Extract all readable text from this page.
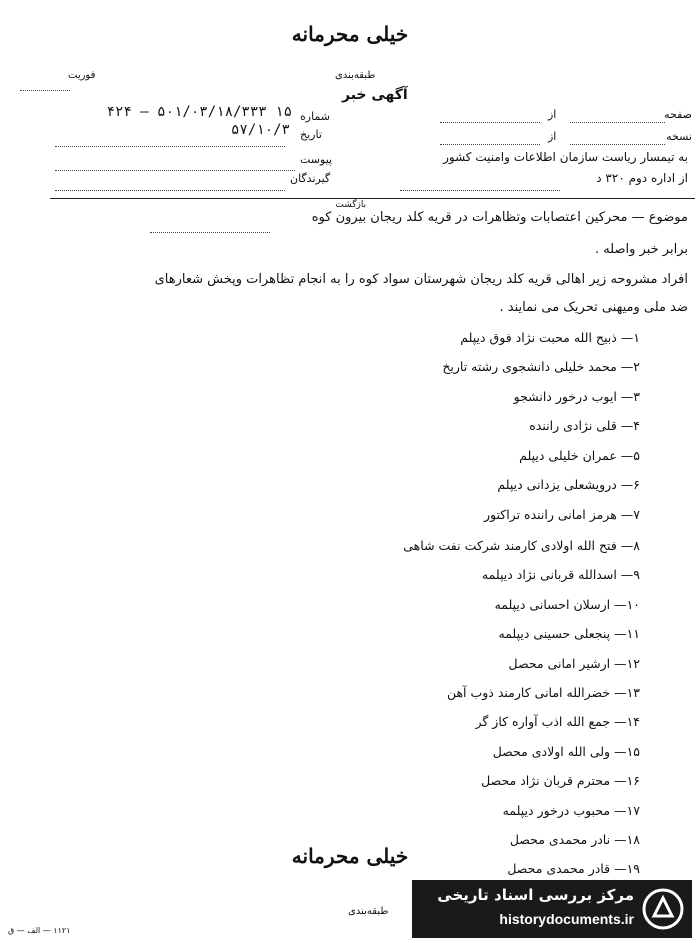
خیلی محرمانه
فوریت	طبقه‌بندی
آگهی خبر
صفحه
از
نسخه
از
شماره
۴۲۴ — ۵۰۱/۰۳/۱۸/۳۳۳ ۱۵
تاریخ
۵۷/۱۰/۳
پیوست
گیرندگان
به تیمسار ریاست سازمان اطلاعات وامنیت کشور
از اداره دوم ۳۲۰ د
موضوع — محرکین اعتصابات وتظاهرات در قریه کلد ریجان
بازگشت
بیرون کوه
برابر خبر واصله .
افراد مشروحه زیر اهالی قریه کلد ریجان شهرستان سواد کوه را به انجام تظاهرات وپخش شعارهای
ضد ملی ومیهنی تحریک می نمایند .
۱— ذبیح الله محبت نژاد فوق دیپلم
۲— محمد خلیلی دانشجوی رشته تاریخ
۳— ایوب درخور دانشجو
۴— قلی نژادی راننده
۵— عمران خلیلی دیپلم
۶— درویشعلی یزدانی دیپلم
۷— هرمز امانی راننده تراکتور
۸— فتح الله اولادی کارمند شرکت نفت شاهی
۹— اسدالله قربانی نژاد دیپلمه
۱۰— ارسلان احسانی دیپلمه
۱۱— پنجعلی حسینی دیپلمه
۱۲— ارشیر امانی محصل
۱۳— خضرالله امانی کارمند ذوب آهن
۱۴— جمع الله اذب آواره کاز گر
۱۵— ولی الله اولادی محصل
۱۶— محترم قربان نژاد محصل
۱۷— محبوب درخور دیپلمه
۱۸— نادر محمدی محصل
۱۹— قادر محمدی محصل
خیلی محرمانه
طبقه‌بندی
۱۱۲۱ — الف — ق
مرکز بررسی اسناد تاریخی
historydocuments.ir
